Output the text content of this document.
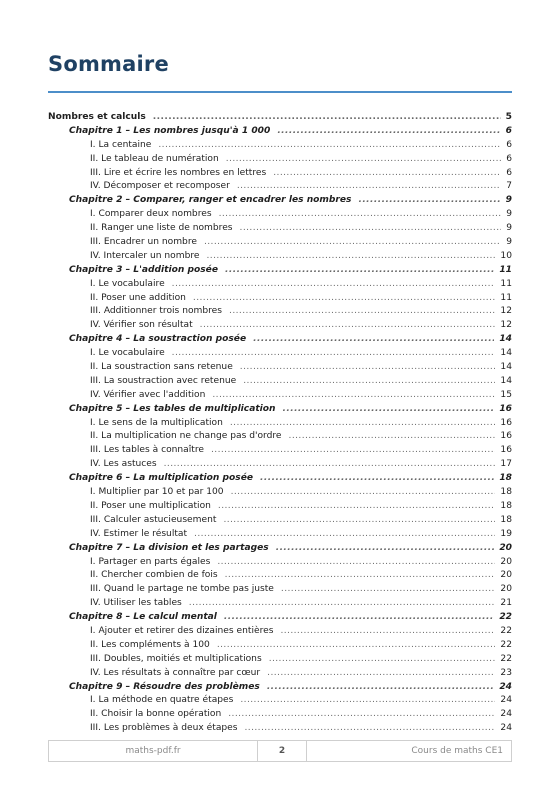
Sommaire
Nombres et calculs .....	5
Chapitre 1 – Les nombres jusqu'à 1 000 .....	6
I. La centaine .....	6
II. Le tableau de numération .....	6
III. Lire et écrire les nombres en lettres .....	6
IV. Décomposer et recomposer .....	7
Chapitre 2 – Comparer, ranger et encadrer les nombres .....	9
I. Comparer deux nombres .....	9
II. Ranger une liste de nombres .....	9
III. Encadrer un nombre .....	9
IV. Intercaler un nombre .....	10
Chapitre 3 – L'addition posée .....	11
I. Le vocabulaire .....	11
II. Poser une addition .....	11
III. Additionner trois nombres .....	12
IV. Vérifier son résultat .....	12
Chapitre 4 – La soustraction posée .....	14
I. Le vocabulaire .....	14
II. La soustraction sans retenue .....	14
III. La soustraction avec retenue .....	14
IV. Vérifier avec l'addition .....	15
Chapitre 5 – Les tables de multiplication .....	16
I. Le sens de la multiplication .....	16
II. La multiplication ne change pas d'ordre .....	16
III. Les tables à connaître .....	16
IV. Les astuces .....	17
Chapitre 6 – La multiplication posée .....	18
I. Multiplier par 10 et par 100 .....	18
II. Poser une multiplication .....	18
III. Calculer astucieusement .....	18
IV. Estimer le résultat .....	19
Chapitre 7 – La division et les partages .....	20
I. Partager en parts égales .....	20
II. Chercher combien de fois .....	20
III. Quand le partage ne tombe pas juste .....	20
IV. Utiliser les tables .....	21
Chapitre 8 – Le calcul mental .....	22
I. Ajouter et retirer des dizaines entières .....	22
II. Les compléments à 100 .....	22
III. Doubles, moitiés et multiplications .....	22
IV. Les résultats à connaître par cœur .....	23
Chapitre 9 – Résoudre des problèmes .....	24
I. La méthode en quatre étapes .....	24
II. Choisir la bonne opération .....	24
III. Les problèmes à deux étapes .....	24
maths-pdf.fr	2	Cours de maths CE1
